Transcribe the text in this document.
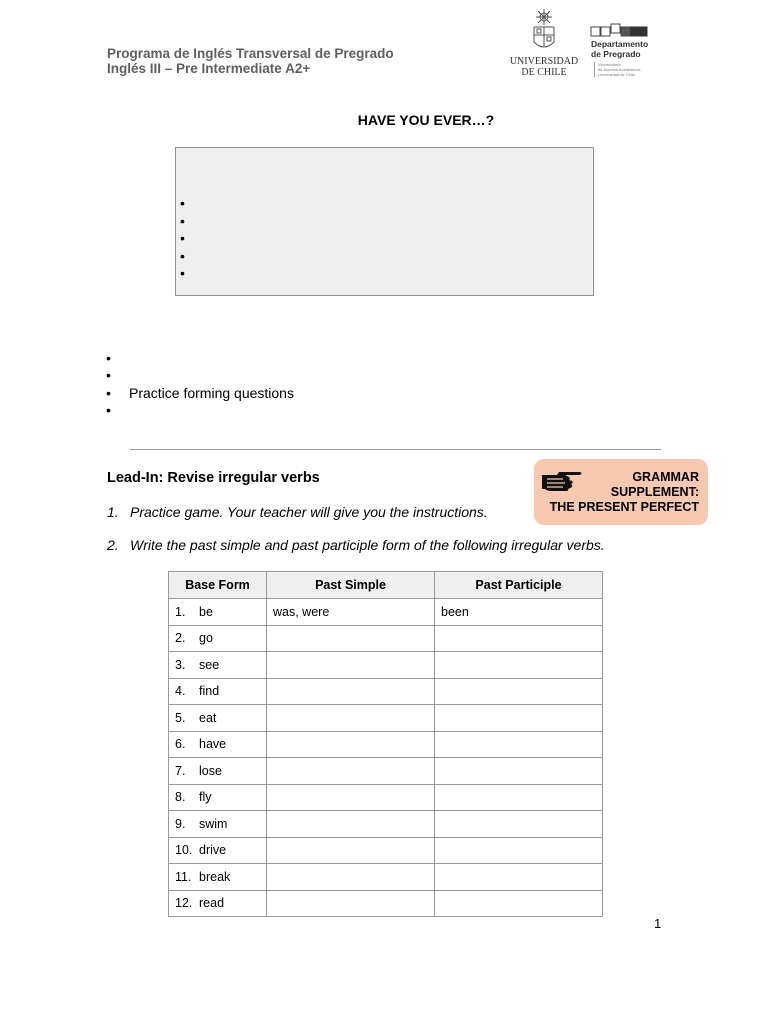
Programa de Inglés Transversal de Pregrado
Inglés III – Pre Intermediate A2+	UNIVERSIDAD
DE CHILE
Departamento
de Pregrado
Vicerrectoría
de Asuntos Académicos
Universidad de Chile
HAVE YOU EVER…?
•
•
•
•
•
•
•
•	Practice forming questions
•
Lead-In: Revise irregular verbs	GRAMMAR
SUPPLEMENT:
THE PRESENT PERFECT
1. Practice game. Your teacher will give you the instructions.
2. Write the past simple and past participle form of the following irregular verbs.
Base Form	Past Simple	Past Participle
1. be	was, were	been
2. go		
3. see		
4. find		
5. eat		
6. have		
7. lose		
8. fly		
9. swim		
10. drive		
11. break		
12. read		
1
